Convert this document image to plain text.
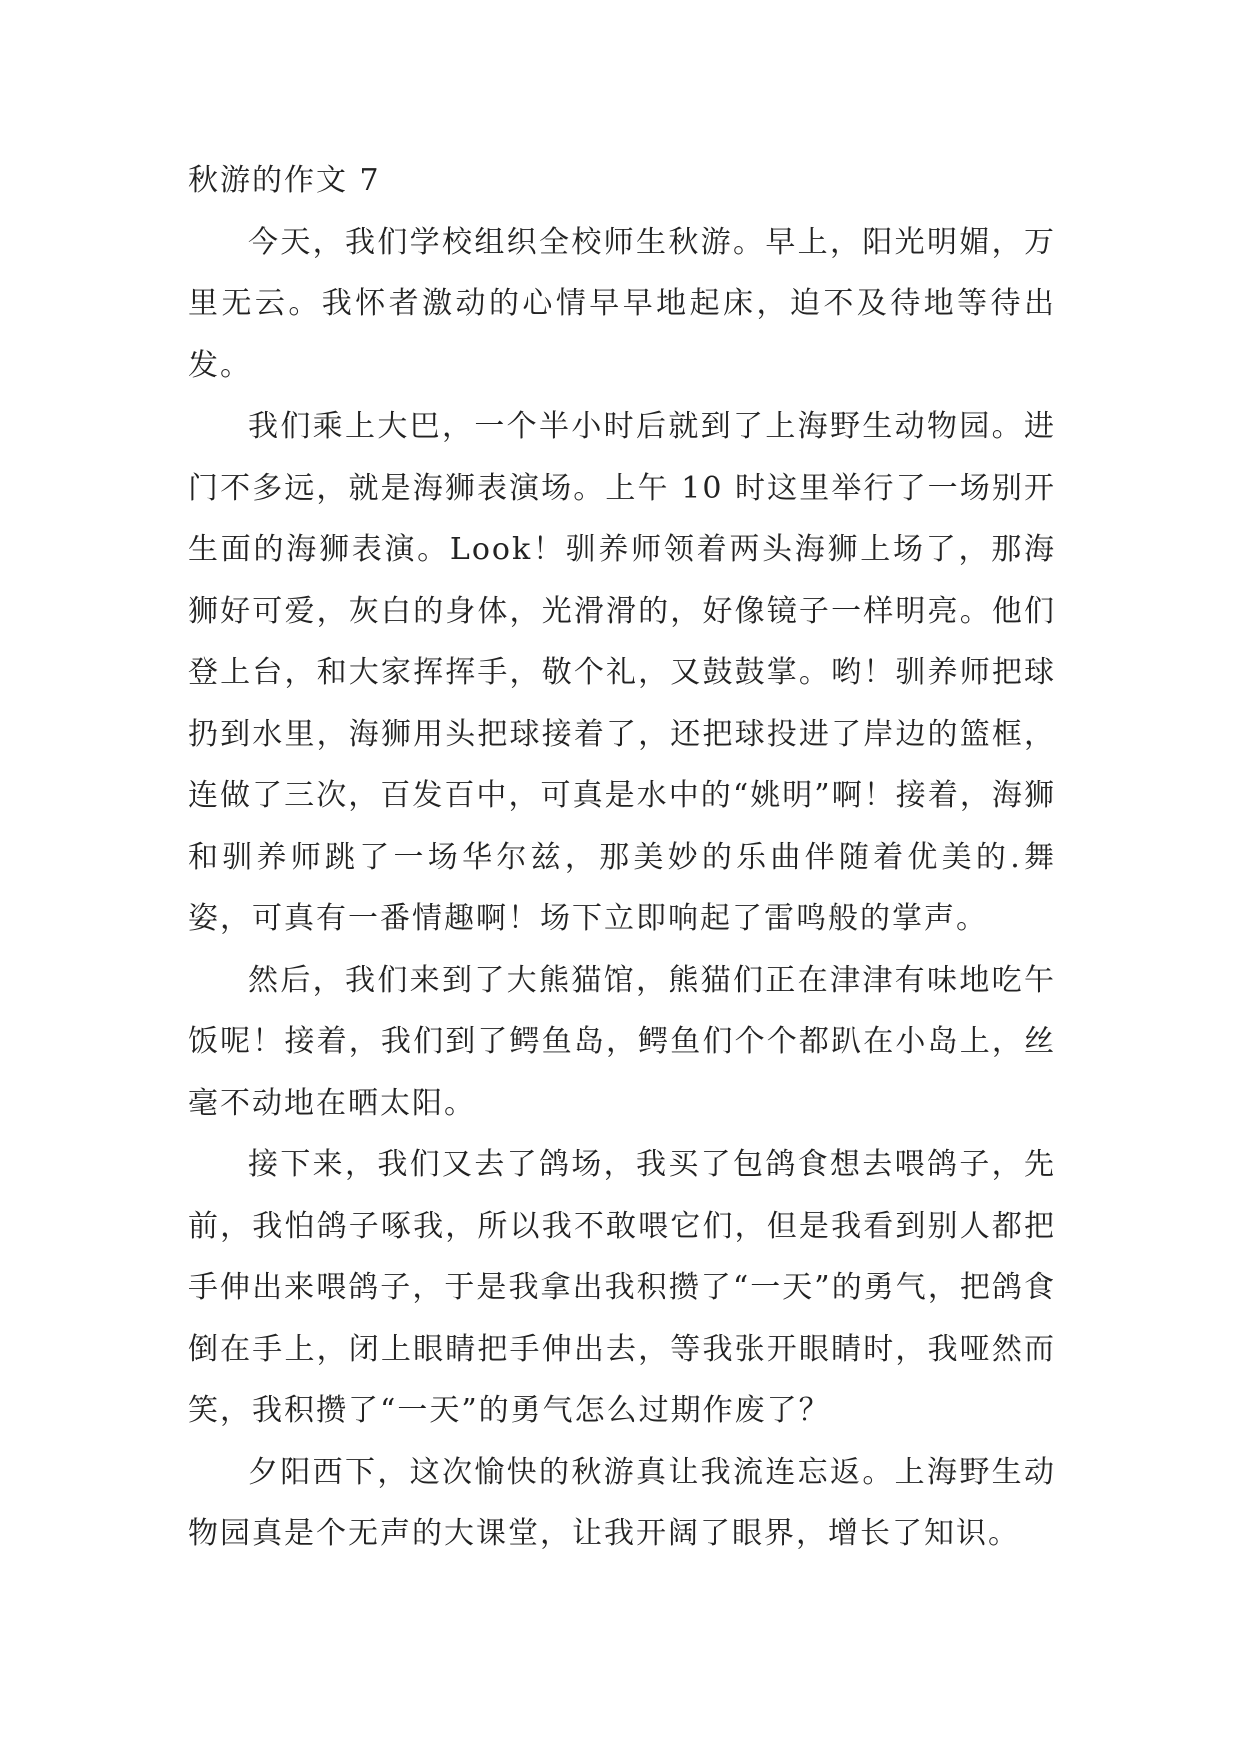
秋游的作文 7

今天，我们学校组织全校师生秋游。早上，阳光明媚，万里无云。我怀者激动的心情早早地起床，迫不及待地等待出发。

我们乘上大巴，一个半小时后就到了上海野生动物园。进门不多远，就是海狮表演场。上午 10 时这里举行了一场别开生面的海狮表演。Look！驯养师领着两头海狮上场了，那海狮好可爱，灰白的身体，光滑滑的，好像镜子一样明亮。他们登上台，和大家挥挥手，敬个礼，又鼓鼓掌。哟！驯养师把球扔到水里，海狮用头把球接着了，还把球投进了岸边的篮框，连做了三次，百发百中，可真是水中的“姚明”啊！接着，海狮和驯养师跳了一场华尔兹，那美妙的乐曲伴随着优美的.舞姿，可真有一番情趣啊！场下立即响起了雷鸣般的掌声。

然后，我们来到了大熊猫馆，熊猫们正在津津有味地吃午饭呢！接着，我们到了鳄鱼岛，鳄鱼们个个都趴在小岛上，丝毫不动地在晒太阳。

接下来，我们又去了鸽场，我买了包鸽食想去喂鸽子，先前，我怕鸽子啄我，所以我不敢喂它们，但是我看到别人都把手伸出来喂鸽子，于是我拿出我积攒了“一天”的勇气，把鸽食倒在手上，闭上眼睛把手伸出去，等我张开眼睛时，我哑然而笑，我积攒了“一天”的勇气怎么过期作废了？

夕阳西下，这次愉快的秋游真让我流连忘返。上海野生动物园真是个无声的大课堂，让我开阔了眼界，增长了知识。
